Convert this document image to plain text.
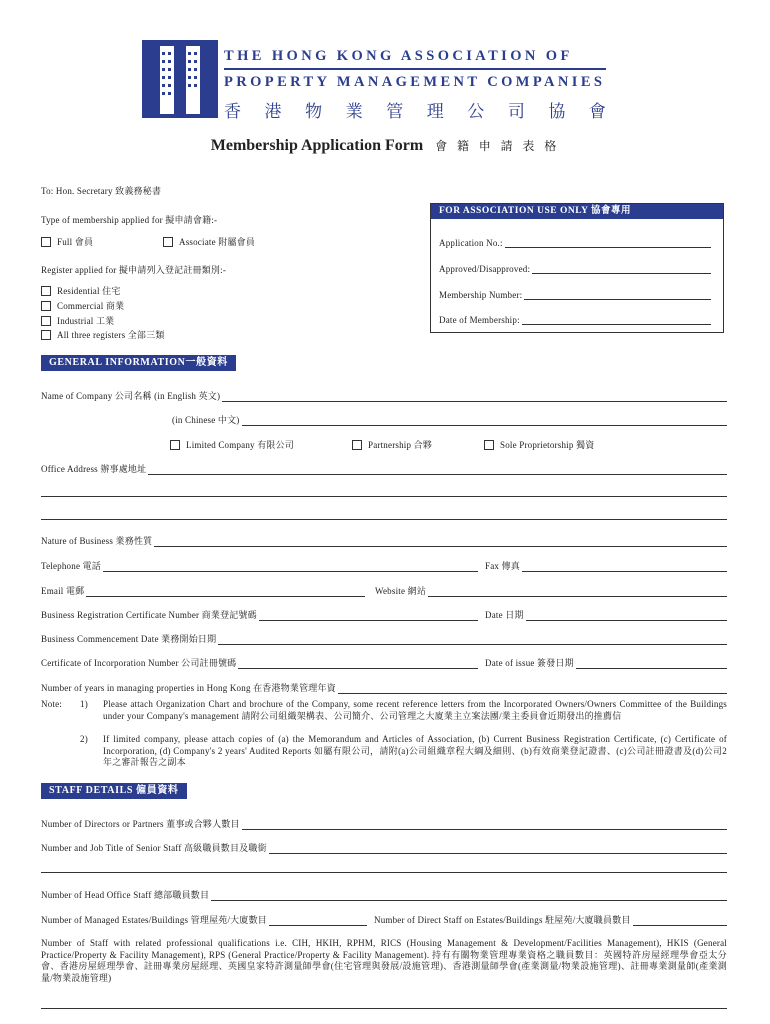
THE HONG KONG ASSOCIATION OF
PROPERTY MANAGEMENT COMPANIES
香 港 物 業 管 理 公 司 協 會
Membership Application Form 會 籍 申 請 表 格
To: Hon. Secretary 致義務秘書
Type of membership applied for 擬申請會籍:-
Full 會員	Associate 附屬會員
Register applied for 擬申請列入登記註冊類別:-
Residential 住宅
Commercial 商業
Industrial 工業
All three registers 全部三類
FOR ASSOCIATION USE ONLY 協會專用
Application No.:
Approved/Disapproved:
Membership Number:
Date of Membership:
GENERAL INFORMATION一般資料
Name of Company 公司名稱 (in English 英文)
(in Chinese 中文)
Limited Company 有限公司	Partnership 合夥	Sole Proprietorship 獨資
Office Address 辦事處地址
Nature of Business 業務性質
Telephone 電話	Fax 傳真
Email 電郵	Website 網站
Business Registration Certificate Number 商業登記號碼	Date 日期
Business Commencement Date 業務開始日期
Certificate of Incorporation Number 公司註冊號碼	Date of issue 簽發日期
Number of years in managing properties in Hong Kong 在香港物業管理年資
Note: 1) Please attach Organization Chart and brochure of the Company, some recent reference letters from the Incorporated Owners/Owners Committee of the Buildings under your Company's management 請附公司組織架構表、公司簡介、公司管理之大廈業主立案法團/業主委員會近期發出的推薦信
2) If limited company, please attach copies of (a) the Memorandum and Articles of Association, (b) Current Business Registration Certificate, (c) Certificate of Incorporation, (d) Company's 2 years' Audited Reports 如屬有限公司，請附(a)公司組織章程大綱及細則、(b)有效商業登記證書、(c)公司註冊證書及(d)公司2年之審計報告之副本
STAFF DETAILS 僱員資料
Number of Directors or Partners 董事或合夥人數目
Number and Job Title of Senior Staff 高級職員數目及職銜
Number of Head Office Staff 總部職員數目
Number of Managed Estates/Buildings 管理屋苑/大廈數目	Number of Direct Staff on Estates/Buildings 駐屋苑/大廈職員數目
Number of Staff with related professional qualifications i.e. CIH, HKIH, RPHM, RICS (Housing Management & Development/Facilities Management), HKIS (General Practice/Property & Facility Management), RPS (General Practice/Property & Facility Management). 持有有關物業管理專業資格之職員數目：英國特許房屋經理學會亞太分會、香港房屋經理學會、註冊專業房屋經理、英國皇家特許測量師學會(住宅管理與發展/設施管理)、香港測量師學會(產業測量/物業設施管理)、註冊專業測量師(產業測量/物業設施管理)
